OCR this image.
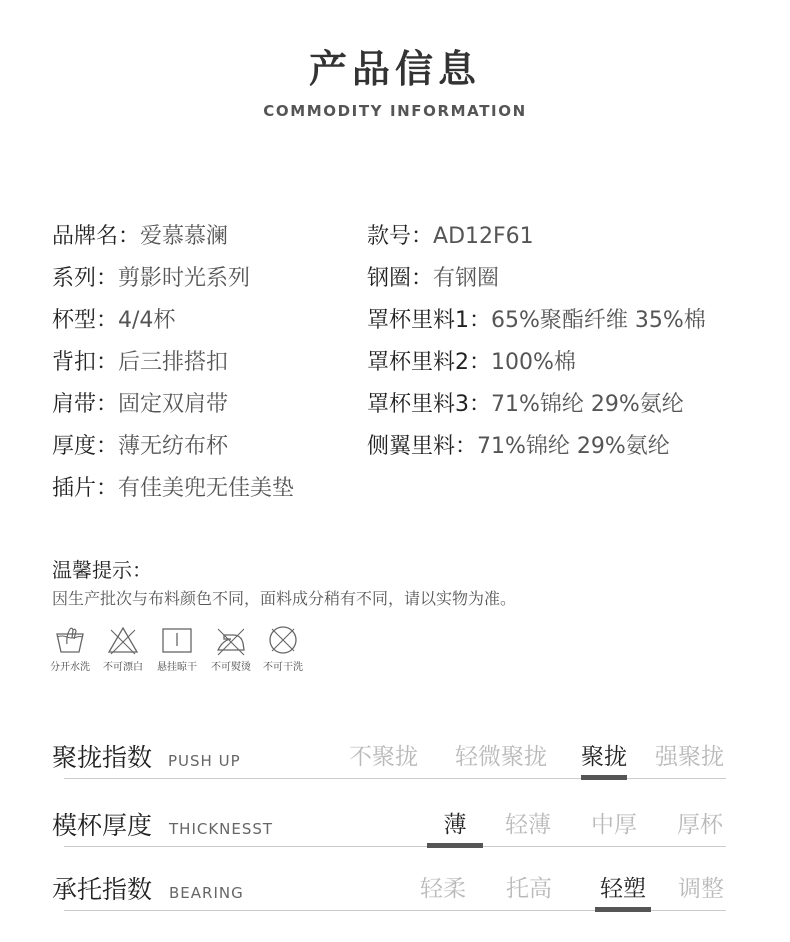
产品信息
COMMODITY INFORMATION
品牌名：爱慕慕澜
系列：剪影时光系列
杯型：4/4杯
背扣：后三排搭扣
肩带：固定双肩带
厚度：薄无纺布杯
插片：有佳美兜无佳美垫
款号：AD12F61
钢圈：有钢圈
罩杯里料1：65%聚酯纤维 35%棉
罩杯里料2：100%棉
罩杯里料3：71%锦纶 29%氨纶
侧翼里料：71%锦纶 29%氨纶
温馨提示：
因生产批次与布料颜色不同，面料成分稍有不同，请以实物为准。
分开水洗	不可漂白	悬挂晾干	不可熨烫	不可干洗
聚拢指数 PUSH UP	不聚拢 轻微聚拢 聚拢 强聚拢
模杯厚度 THICKNESST	薄	轻薄 中厚 厚杯
承托指数 BEARING	轻柔 托高 轻塑 调整
